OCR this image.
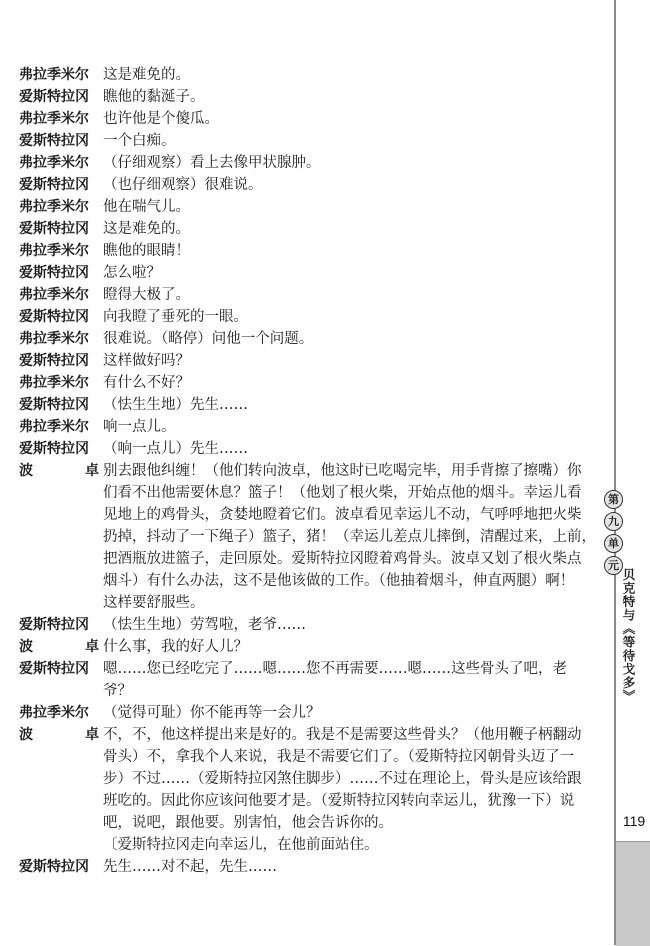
弗拉季米尔 这是难免的。
爱斯特拉冈 瞧他的黏涎子。
弗拉季米尔 也许他是个傻瓜。
爱斯特拉冈 一个白痴。
弗拉季米尔 （仔细观察）看上去像甲状腺肿。
爱斯特拉冈 （也仔细观察）很难说。
弗拉季米尔 他在喘气儿。
爱斯特拉冈 这是难免的。
弗拉季米尔 瞧他的眼睛！
爱斯特拉冈 怎么啦？
弗拉季米尔 瞪得大极了。
爱斯特拉冈 向我瞪了垂死的一眼。
弗拉季米尔 很难说。（略停）问他一个问题。
爱斯特拉冈 这样做好吗？
弗拉季米尔 有什么不好？
爱斯特拉冈 （怯生生地）先生……
弗拉季米尔 响一点儿。
爱斯特拉冈 （响一点儿）先生……
波	卓 别去跟他纠缠！（他们转向波卓，他这时已吃喝完毕，用手背擦了擦嘴）你
们看不出他需要休息？篮子！（他划了根火柴，开始点他的烟斗。幸运儿看
见地上的鸡骨头，贪婪地瞪着它们。波卓看见幸运儿不动，气呼呼地把火柴
扔掉，抖动了一下绳子）篮子，猪！（幸运儿差点儿摔倒，清醒过来，上前，
把酒瓶放进篮子，走回原处。爱斯特拉冈瞪着鸡骨头。波卓又划了根火柴点
烟斗）有什么办法，这不是他该做的工作。（他抽着烟斗，伸直两腿）啊！
这样要舒服些。
爱斯特拉冈 （怯生生地）劳驾啦，老爷……
波	卓 什么事，我的好人儿？
爱斯特拉冈 嗯……您已经吃完了……嗯……您不再需要……嗯……这些骨头了吧，老
爷？
弗拉季米尔 （觉得可耻）你不能再等一会儿？
波	卓 不，不，他这样提出来是好的。我是不是需要这些骨头？（他用鞭子柄翻动
骨头）不，拿我个人来说，我是不需要它们了。（爱斯特拉冈朝骨头迈了一
步）不过……（爱斯特拉冈煞住脚步）……不过在理论上，骨头是应该给跟
班吃的。因此你应该问他要才是。（爱斯特拉冈转向幸运儿，犹豫一下）说
吧，说吧，跟他要。别害怕，他会告诉你的。
〔爱斯特拉冈走向幸运儿，在他前面站住。
爱斯特拉冈 先生……对不起，先生……
第
九
单
元
贝克特与《等待戈多》
119
